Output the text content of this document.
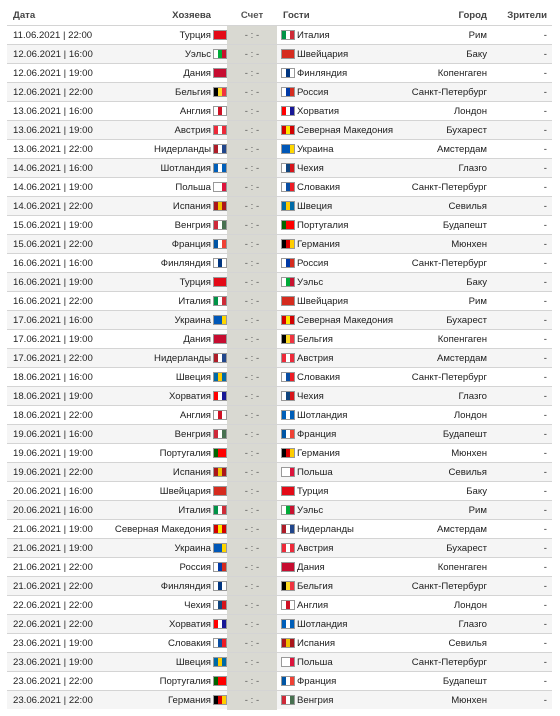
Дата	Хозяева	Счет	Гости	Город	Зрители
11.06.2021 | 22:00	Турция	- : -	Италия	Рим	-
12.06.2021 | 16:00	Уэльс	- : -	Швейцария	Баку	-
12.06.2021 | 19:00	Дания	- : -	Финляндия	Копенгаген	-
12.06.2021 | 22:00	Бельгия	- : -	Россия	Санкт-Петербург	-
13.06.2021 | 16:00	Англия	- : -	Хорватия	Лондон	-
13.06.2021 | 19:00	Австрия	- : -	Северная Македония	Бухарест	-
13.06.2021 | 22:00	Нидерланды	- : -	Украина	Амстердам	-
14.06.2021 | 16:00	Шотландия	- : -	Чехия	Глазго	-
14.06.2021 | 19:00	Польша	- : -	Словакия	Санкт-Петербург	-
14.06.2021 | 22:00	Испания	- : -	Швеция	Севилья	-
15.06.2021 | 19:00	Венгрия	- : -	Португалия	Будапешт	-
15.06.2021 | 22:00	Франция	- : -	Германия	Мюнхен	-
16.06.2021 | 16:00	Финляндия	- : -	Россия	Санкт-Петербург	-
16.06.2021 | 19:00	Турция	- : -	Уэльс	Баку	-
16.06.2021 | 22:00	Италия	- : -	Швейцария	Рим	-
17.06.2021 | 16:00	Украина	- : -	Северная Македония	Бухарест	-
17.06.2021 | 19:00	Дания	- : -	Бельгия	Копенгаген	-
17.06.2021 | 22:00	Нидерланды	- : -	Австрия	Амстердам	-
18.06.2021 | 16:00	Швеция	- : -	Словакия	Санкт-Петербург	-
18.06.2021 | 19:00	Хорватия	- : -	Чехия	Глазго	-
18.06.2021 | 22:00	Англия	- : -	Шотландия	Лондон	-
19.06.2021 | 16:00	Венгрия	- : -	Франция	Будапешт	-
19.06.2021 | 19:00	Португалия	- : -	Германия	Мюнхен	-
19.06.2021 | 22:00	Испания	- : -	Польша	Севилья	-
20.06.2021 | 16:00	Швейцария	- : -	Турция	Баку	-
20.06.2021 | 16:00	Италия	- : -	Уэльс	Рим	-
21.06.2021 | 19:00	Северная Македония	- : -	Нидерланды	Амстердам	-
21.06.2021 | 19:00	Украина	- : -	Австрия	Бухарест	-
21.06.2021 | 22:00	Россия	- : -	Дания	Копенгаген	-
21.06.2021 | 22:00	Финляндия	- : -	Бельгия	Санкт-Петербург	-
22.06.2021 | 22:00	Чехия	- : -	Англия	Лондон	-
22.06.2021 | 22:00	Хорватия	- : -	Шотландия	Глазго	-
23.06.2021 | 19:00	Словакия	- : -	Испания	Севилья	-
23.06.2021 | 19:00	Швеция	- : -	Польша	Санкт-Петербург	-
23.06.2021 | 22:00	Португалия	- : -	Франция	Будапешт	-
23.06.2021 | 22:00	Германия	- : -	Венгрия	Мюнхен	-
